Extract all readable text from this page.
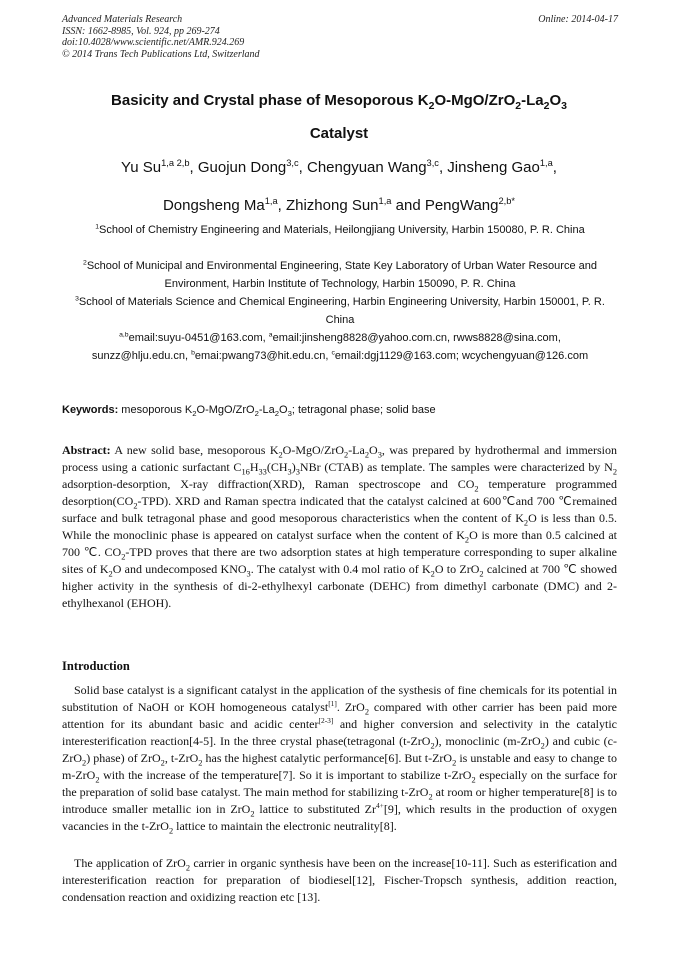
Advanced Materials Research
ISSN: 1662-8985, Vol. 924, pp 269-274
doi:10.4028/www.scientific.net/AMR.924.269
© 2014 Trans Tech Publications Ltd, Switzerland
Online: 2014-04-17
Basicity and Crystal phase of Mesoporous $K_2O-MgO/ZrO_2-La_2O_3$
Catalyst
Yu $Su^{1,a 2,b}$, Guojun Dong$^{3,c}$, Chengyuan Wang$^{3,c}$, Jinsheng Gao$^{1,a}$,
Dongsheng Ma$^{1,a}$, Zhizhong Sun$^{1,a}$ and PengWang$^{2,b*}$
$^1$School of Chemistry Engineering and Materials, Heilongjiang University, Harbin 150080, P. R. China
$^2$School of Municipal and Environmental Engineering, State Key Laboratory of Urban Water Resource and Environment, Harbin Institute of Technology, Harbin 150090, P. R. China
$^3$School of Materials Science and Chemical Engineering, Harbin Engineering University, Harbin 150001, P. R. China
$^{a,b}$email:suyu-0451@163.com, $^a$email:jinsheng8828@yahoo.com.cn, rwws8828@sina.com, sunzz@hlju.edu.cn, $^b$emai:pwang73@hit.edu.cn, $^c$email:dgj1129@163.com; wcychengyuan@126.com
Keywords: mesoporous $K_2O-MgO/ZrO_2-La_2O_3$; tetragonal phase; solid base
Abstract: A new solid base, mesoporous $K_2O-MgO/ZrO_2-La_2O_3$, was prepared by hydrothermal and immersion process using a cationic surfactant $C_{16}H_{33}(CH_3)_3NBr$ (CTAB) as template. The samples were characterized by $N_2$ adsorption-desorption, X-ray diffraction(XRD), Raman spectroscope and $CO_2$ temperature programmed $desorption(CO_2-TPD)$. XRD and Raman spectra indicated that the catalyst calcined at 600℃and 700 ℃remained surface and bulk tetragonal phase and good mesoporous characteristics when the content of $K_2O$ is less than 0.5. While the monoclinic phase is appeared on catalyst surface when the content of $K_2O$ is more than 0.5 calcined at 700 ℃. $CO_2$-TPD proves that there are two adsorption states at high temperature corresponding to super alkaline sites of $K_2O$ and undecomposed $KNO_3$. The catalyst with 0.4 mol ratio of $K_2O$ to ZrO$_2$ calcined at 700 ℃ showed higher activity in the synthesis of di-2-ethylhexyl carbonate (DEHC) from dimethyl carbonate (DMC) and 2-ethylhexanol (EHOH).
Introduction
Solid base catalyst is a significant catalyst in the application of the systhesis of fine chemicals for its potential in substitution of NaOH or KOH homogeneous catalyst[1]. ZrO$_2$ compared with other carrier has been paid more attention for its abundant basic and acidic center[2-3] and higher conversion and selectivity in the catalytic interesterification reaction[4-5]. In the three crystal phase(tetragonal (t-ZrO$_2$), monoclinic (m-ZrO$_2$) and cubic (c-ZrO$_2$) phase) of ZrO$_2$, t-ZrO$_2$ has the highest catalytic performance[6]. But t-ZrO$_2$ is unstable and easy to change to m-ZrO$_2$ with the increase of the temperature[7]. So it is important to stabilize t-ZrO$_2$ especially on the surface for the preparation of solid base catalyst. The main method for stabilizing t-ZrO$_2$ at room or higher temperature[8] is to introduce smaller metallic ion in ZrO$_2$ lattice to substituted $Zr^{4+}[9]$, which results in the production of oxygen vacancies in the t-ZrO$_2$ lattice to maintain the electronic neutrality[8].
The application of ZrO$_2$ carrier in organic synthesis have been on the increase[10-11]. Such as esterification and interesterification reaction for preparation of biodiesel[12], Fischer-Tropsch synthesis, addition reaction, condensation reaction and oxidizing reaction etc [13].
